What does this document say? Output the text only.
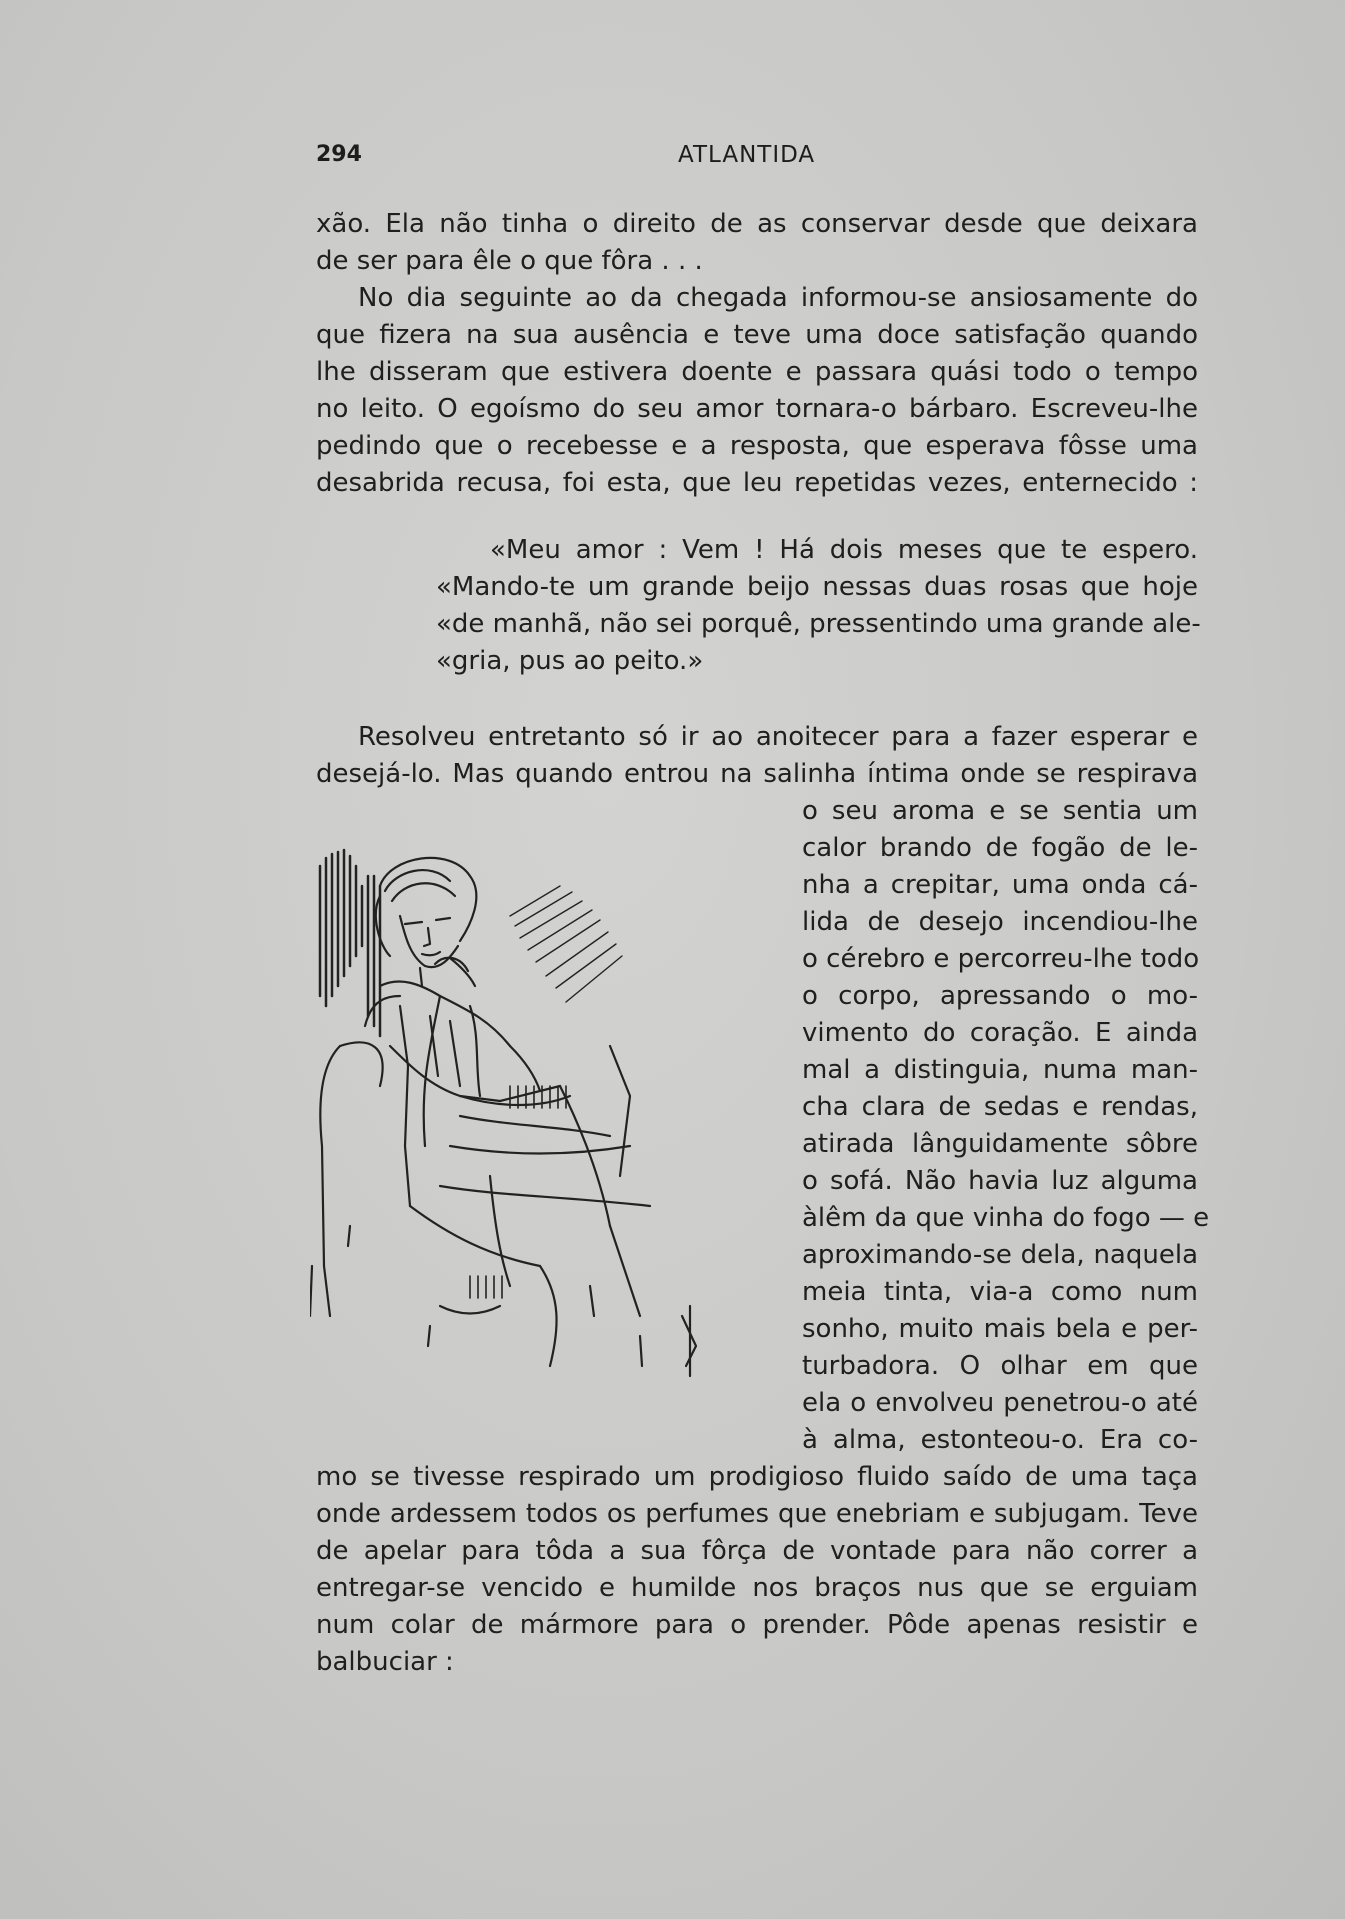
294	ATLANTIDA
xão. Ela não tinha o direito de as conservar desde que deixara
de ser para êle o que fôra . . .
No dia seguinte ao da chegada informou-se ansiosamente do
que fizera na sua ausência e teve uma doce satisfação quando
lhe disseram que estivera doente e passara quási todo o tempo
no leito. O egoísmo do seu amor tornara-o bárbaro. Escreveu-lhe
pedindo que o recebesse e a resposta, que esperava fôsse uma
desabrida recusa, foi esta, que leu repetidas vezes, enternecido :
«Meu amor : Vem ! Há dois meses que te espero.
«Mando-te um grande beijo nessas duas rosas que hoje
«de manhã, não sei porquê, pressentindo uma grande ale-
«gria, pus ao peito.»
Resolveu entretanto só ir ao anoitecer para a fazer esperar e
desejá-lo. Mas quando entrou na salinha íntima onde se respirava
o seu aroma e se sentia um
calor brando de fogão de le-
nha a crepitar, uma onda cá-
lida de desejo incendiou-lhe
o cérebro e percorreu-lhe todo
o corpo, apressando o mo-
vimento do coração. E ainda
mal a distinguia, numa man-
cha clara de sedas e rendas,
atirada lânguidamente sôbre
o sofá. Não havia luz alguma
àlêm da que vinha do fogo — e
aproximando-se dela, naquela
meia tinta, via-a como num
sonho, muito mais bela e per-
turbadora. O olhar em que
ela o envolveu penetrou-o até
à alma, estonteou-o. Era co-
mo se tivesse respirado um prodigioso fluido saído de uma taça
onde ardessem todos os perfumes que enebriam e subjugam. Teve
de apelar para tôda a sua fôrça de vontade para não correr a
entregar-se vencido e humilde nos braços nus que se erguiam
num colar de mármore para o prender. Pôde apenas resistir e
balbuciar :
